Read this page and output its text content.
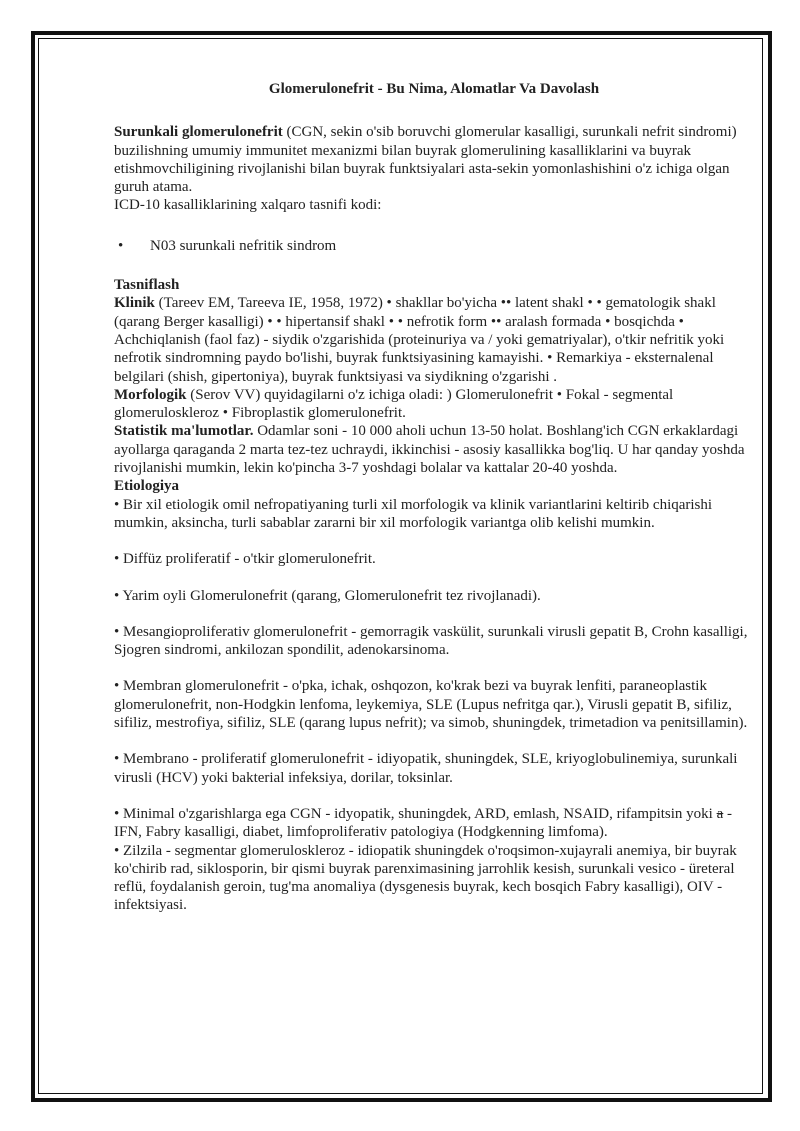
Glomerulonefrit - Bu Nima, Alomatlar Va Davolash

Surunkali glomerulonefrit (CGN, sekin o'sib boruvchi glomerular kasalligi, surunkali nefrit sindromi) buzilishning umumiy immunitet mexanizmi bilan buyrak glomerulining kasalliklarini va buyrak etishmovchiligining rivojlanishi bilan buyrak funktsiyalari asta-sekin yomonlashishini o'z ichiga olgan guruh atama.

ICD-10 kasalliklarining xalqaro tasnifi kodi:

• N03 surunkali nefritik sindrom

Tasniflash

Klinik (Tareev EM, Tareeva IE, 1958, 1972) • shakllar bo'yicha •• latent shakl • • gematologik shakl (qarang Berger kasalligi) • • hipertansif shakl • • nefrotik form •• aralash formada • bosqichda • Achchiqlanish (faol faz) - siydik o'zgarishida (proteinuriya va / yoki gematriyalar), o'tkir nefritik yoki nefrotik sindromning paydo bo'lishi, buyrak funktsiyasining kamayishi. • Remarkiya - eksternalenal belgilari (shish, gipertoniya), buyrak funktsiyasi va siydikning o'zgarishi .

Morfologik (Serov VV) quyidagilarni o'z ichiga oladi: ) Glomerulonefrit • Fokal - segmental glomeruloskleroz • Fibroplastik glomerulonefrit.

Statistik ma'lumotlar. Odamlar soni - 10 000 aholi uchun 13-50 holat. Boshlang'ich CGN erkaklardagi ayollarga qaraganda 2 marta tez-tez uchraydi, ikkinchisi - asosiy kasallikka bog'liq. U har qanday yoshda rivojlanishi mumkin, lekin ko'pincha 3-7 yoshdagi bolalar va kattalar 20-40 yoshda.

Etiologiya

• Bir xil etiologik omil nefropatiyaning turli xil morfologik va klinik variantlarini keltirib chiqarishi mumkin, aksincha, turli sabablar zararni bir xil morfologik variantga olib kelishi mumkin.

• Diffüz proliferatif - o'tkir glomerulonefrit.

• Yarim oyli Glomerulonefrit (qarang, Glomerulonefrit tez rivojlanadi).

• Mesangioproliferativ glomerulonefrit - gemorragik vaskülit, surunkali virusli gepatit B, Crohn kasalligi, Sjogren sindromi, ankilozan spondilit, adenokarsinoma.

• Membran glomerulonefrit - o'pka, ichak, oshqozon, ko'krak bezi va buyrak lenfiti, paraneoplastik glomerulonefrit, non-Hodgkin lenfoma, leykemiya, SLE (Lupus nefritga qar.), Virusli gepatit B, sifiliz, sifiliz, mestrofiya, sifiliz, SLE (qarang lupus nefrit); va simob, shuningdek, trimetadion va penitsillamin).

• Membrano - proliferatif glomerulonefrit - idiyopatik, shuningdek, SLE, kriyoglobulinemiya, surunkali virusli (HCV) yoki bakterial infeksiya, dorilar, toksinlar.

• Minimal o'zgarishlarga ega CGN - idyopatik, shuningdek, ARD, emlash, NSAID, rifampitsin yoki a - IFN, Fabry kasalligi, diabet, limfoproliferativ patologiya (Hodgkenning limfoma).

• Zilzila - segmentar glomeruloskleroz - idiopatik shuningdek o'roqsimon-xujayrali anemiya, bir buyrak ko'chirib rad, siklosporin, bir qismi buyrak parenximasining jarrohlik kesish, surunkali vesico - üreteral reflü, foydalanish geroin, tug'ma anomaliya (dysgenesis buyrak, kech bosqich Fabry kasalligi), OIV - infektsiyasi.
